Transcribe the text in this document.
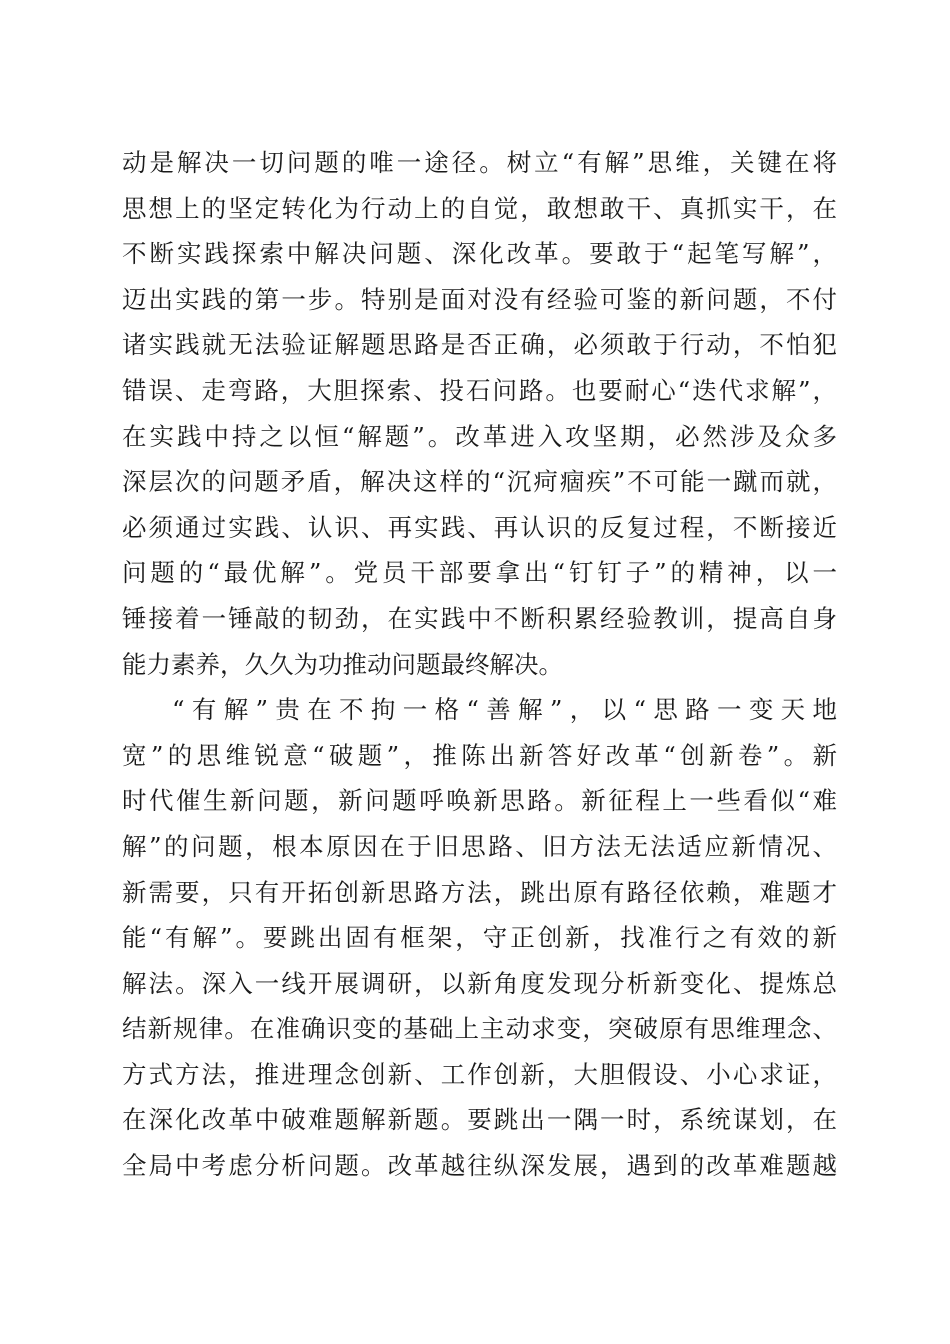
动是解决一切问题的唯一途径。树立“有解”思维，关键在将
思想上的坚定转化为行动上的自觉，敢想敢干、真抓实干，在
不断实践探索中解决问题、深化改革。要敢于“起笔写解”，
迈出实践的第一步。特别是面对没有经验可鉴的新问题，不付
诸实践就无法验证解题思路是否正确，必须敢于行动，不怕犯
错误、走弯路，大胆探索、投石问路。也要耐心“迭代求解”，
在实践中持之以恒“解题”。改革进入攻坚期，必然涉及众多
深层次的问题矛盾，解决这样的“沉疴痼疾”不可能一蹴而就，
必须通过实践、认识、再实践、再认识的反复过程，不断接近
问题的“最优解”。党员干部要拿出“钉钉子”的精神，以一
锤接着一锤敲的韧劲，在实践中不断积累经验教训，提高自身
能力素养，久久为功推动问题最终解决。
“有解”贵在不拘一格“善解”，以“思路一变天地
宽”的思维锐意“破题”，推陈出新答好改革“创新卷”。新
时代催生新问题，新问题呼唤新思路。新征程上一些看似“难
解”的问题，根本原因在于旧思路、旧方法无法适应新情况、
新需要，只有开拓创新思路方法，跳出原有路径依赖，难题才
能“有解”。要跳出固有框架，守正创新，找准行之有效的新
解法。深入一线开展调研，以新角度发现分析新变化、提炼总
结新规律。在准确识变的基础上主动求变，突破原有思维理念、
方式方法，推进理念创新、工作创新，大胆假设、小心求证，
在深化改革中破难题解新题。要跳出一隅一时，系统谋划，在
全局中考虑分析问题。改革越往纵深发展，遇到的改革难题越
